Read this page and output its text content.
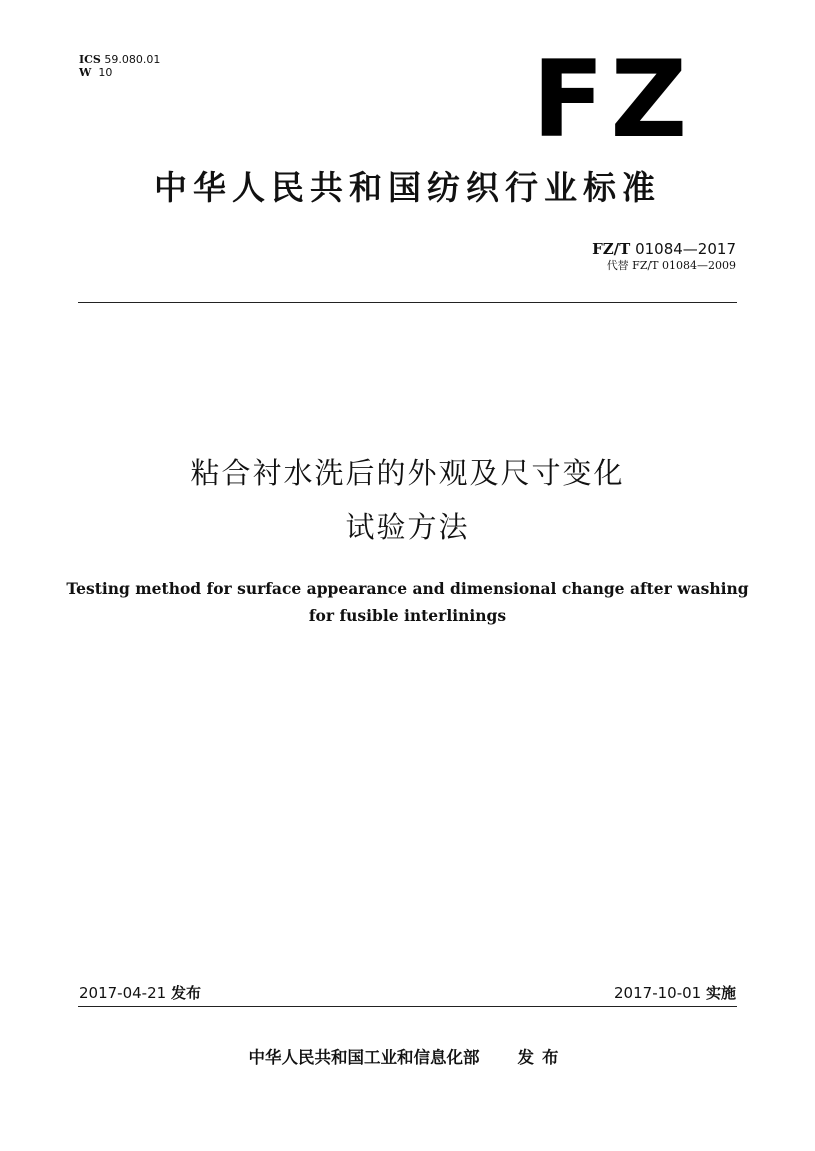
ICS 59.080.01
W 10	FZ
中华人民共和国纺织行业标准
FZ/T 01084—2017
代替 FZ/T 01084—2009
粘合衬水洗后的外观及尺寸变化
试验方法
Testing method for surface appearance and dimensional change after washing
for fusible interlinings
2017-04-21 发布	2017-10-01 实施
中华人民共和国工业和信息化部 发布
